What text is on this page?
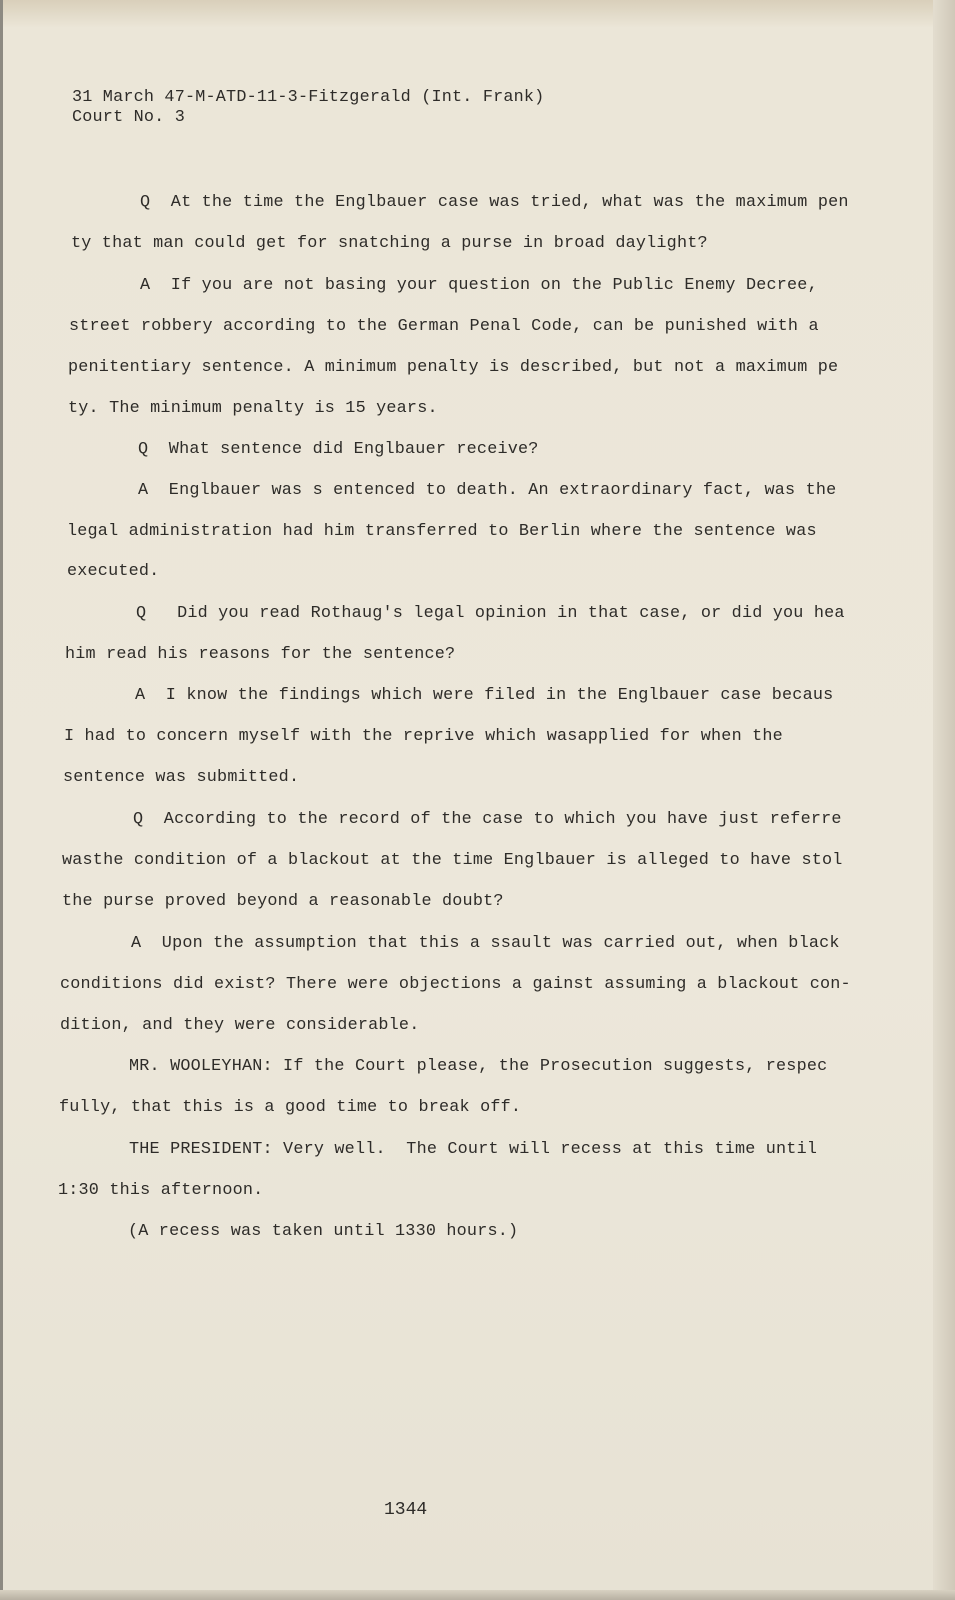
31 March 47-M-ATD-11-3-Fitzgerald (Int. Frank)
Court No. 3
Q  At the time the Englbauer case was tried, what was the maximum pen
ty that man could get for snatching a purse in broad daylight?
A  If you are not basing your question on the Public Enemy Decree,
street robbery according to the German Penal Code, can be punished with a
penitentiary sentence. A minimum penalty is described, but not a maximum pe
ty. The minimum penalty is 15 years.
Q  What sentence did Englbauer receive?
A  Englbauer was s entenced to death. An extraordinary fact, was the
legal administration had him transferred to Berlin where the sentence was
executed.
Q   Did you read Rothaug's legal opinion in that case, or did you hea
him read his reasons for the sentence?
A  I know the findings which were filed in the Englbauer case becaus
I had to concern myself with the reprive which wasapplied for when the
sentence was submitted.
Q  According to the record of the case to which you have just referre
wasthe condition of a blackout at the time Englbauer is alleged to have stol
the purse proved beyond a reasonable doubt?
A  Upon the assumption that this a ssault was carried out, when black
conditions did exist? There were objections a gainst assuming a blackout con-
dition, and they were considerable.
MR. WOOLEYHAN: If the Court please, the Prosecution suggests, respec
fully, that this is a good time to break off.
THE PRESIDENT: Very well.  The Court will recess at this time until
1:30 this afternoon.
(A recess was taken until 1330 hours.)
1344
